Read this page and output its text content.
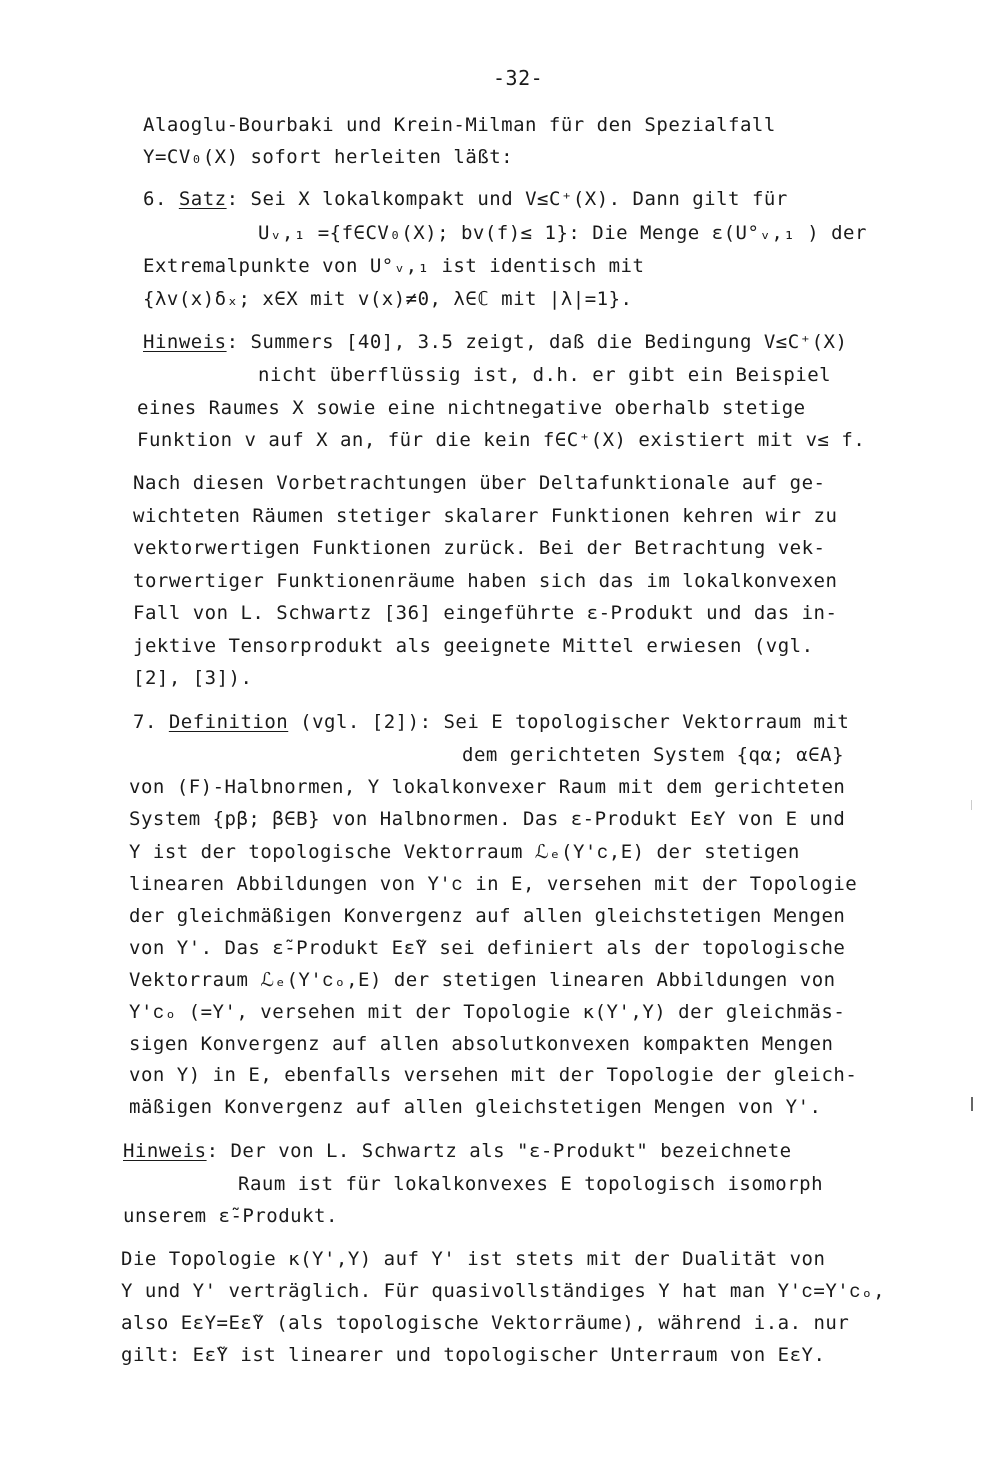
-32-
Alaoglu-Bourbaki und Krein-Milman für den Spezialfall
Y=CV₀(X) sofort herleiten läßt:
6. Satz: Sei X lokalkompakt und V≤C⁺(X). Dann gilt für
Uᵥ,₁ ={f∈CV₀(X); bv(f)≤ 1}: Die Menge ε(U°ᵥ,₁ ) der
Extremalpunkte von U°ᵥ,₁ ist identisch mit
{λv(x)δₓ; x∈X mit v(x)≠0, λ∈ℂ mit |λ|=1}.
Hinweis: Summers [40], 3.5 zeigt, daß die Bedingung V≤C⁺(X)
nicht überflüssig ist, d.h. er gibt ein Beispiel
eines Raumes X sowie eine nichtnegative oberhalb stetige
Funktion v auf X an, für die kein f∈C⁺(X) existiert mit v≤ f.
Nach diesen Vorbetrachtungen über Deltafunktionale auf ge-
wichteten Räumen stetiger skalarer Funktionen kehren wir zu
vektorwertigen Funktionen zurück. Bei der Betrachtung vek-
torwertiger Funktionenräume haben sich das im lokalkonvexen
Fall von L. Schwartz [36] eingeführte ε-Produkt und das in-
jektive Tensorprodukt als geeignete Mittel erwiesen (vgl.
[2], [3]).
7. Definition (vgl. [2]): Sei E topologischer Vektorraum mit
dem gerichteten System {qα; α∈A}
von (F)-Halbnormen, Y lokalkonvexer Raum mit dem gerichteten
System {pβ; β∈B} von Halbnormen. Das ε-Produkt EεY von E und
Y ist der topologische Vektorraum ℒₑ(Y'ᴄ,E) der stetigen
linearen Abbildungen von Y'ᴄ in E, versehen mit der Topologie
der gleichmäßigen Konvergenz auf allen gleichstetigen Mengen
von Y'. Das ε̃-Produkt Eε̃Y sei definiert als der topologische
Vektorraum ℒₑ(Y'ᴄₒ,E) der stetigen linearen Abbildungen von
Y'ᴄₒ (=Y', versehen mit der Topologie κ(Y',Y) der gleichmäs-
sigen Konvergenz auf allen absolutkonvexen kompakten Mengen
von Y) in E, ebenfalls versehen mit der Topologie der gleich-
mäßigen Konvergenz auf allen gleichstetigen Mengen von Y'.
Hinweis: Der von L. Schwartz als "ε-Produkt" bezeichnete
Raum ist für lokalkonvexes E topologisch isomorph
unserem ε̃-Produkt.
Die Topologie κ(Y',Y) auf Y' ist stets mit der Dualität von
Y und Y' verträglich. Für quasivollständiges Y hat man Y'ᴄ=Y'ᴄₒ,
also EεY=Eε̃Y (als topologische Vektorräume), während i.a. nur
gilt: Eε̃Y ist linearer und topologischer Unterraum von EεY.
